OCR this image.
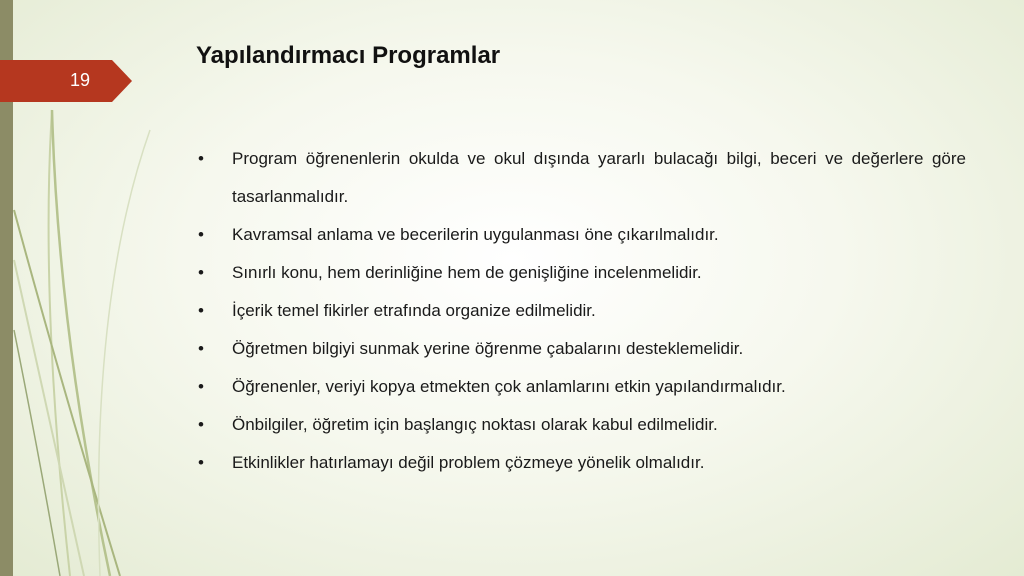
19
Yapılandırmacı Programlar
•	Program öğrenenlerin okulda ve okul dışında yararlı bulacağı bilgi, beceri ve değerlere göre tasarlanmalıdır.
•	Kavramsal anlama ve becerilerin uygulanması öne çıkarılmalıdır.
•	Sınırlı konu, hem derinliğine hem de genişliğine incelenmelidir.
•	İçerik temel fikirler etrafında organize edilmelidir.
•	Öğretmen bilgiyi sunmak yerine öğrenme çabalarını desteklemelidir.
•	Öğrenenler, veriyi kopya etmekten çok anlamlarını etkin yapılandırmalıdır.
•	Önbilgiler, öğretim için başlangıç noktası olarak kabul edilmelidir.
•	Etkinlikler hatırlamayı değil problem çözmeye yönelik olmalıdır.
